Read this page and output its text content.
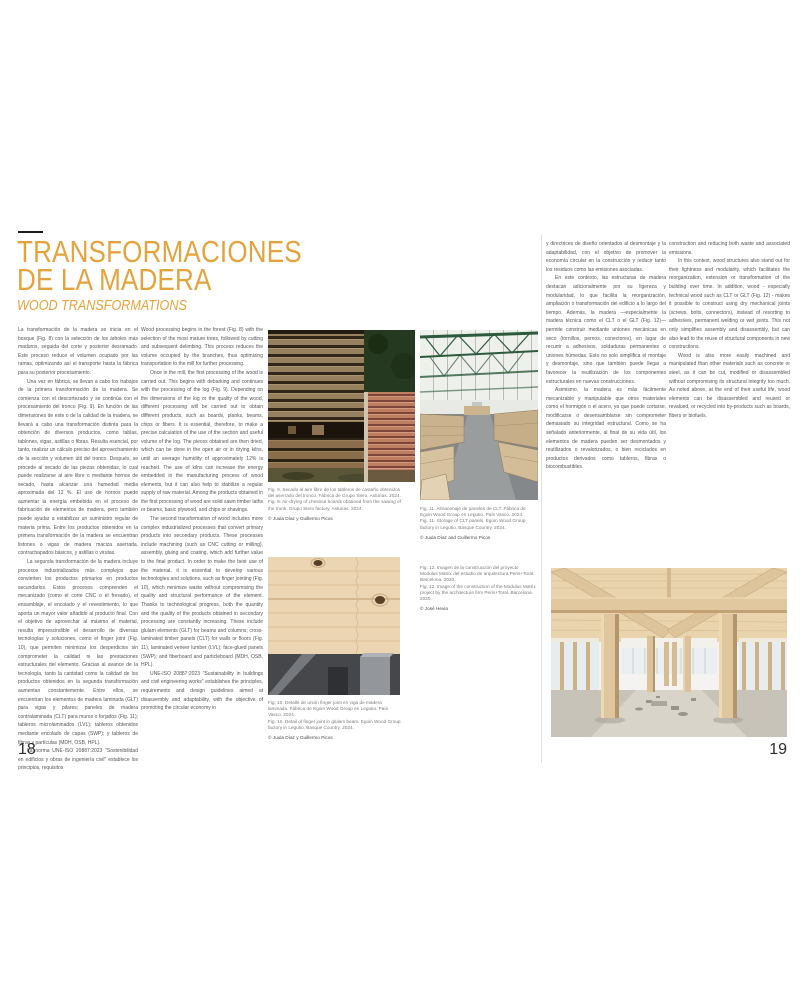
TRANSFORMACIONES
DE LA MADERA
WOOD TRANSFORMATIONS

La transformación de la madera se inicia en el bosque (Fig. 8) con la selección de los árboles más maduros, seguida del corte y posterior desramado. Este proceso reduce el volumen ocupado por las ramas, optimizando así el transporte hasta la fábrica para su posterior procesamiento.

Una vez en fábrica, se llevan a cabo los trabajos de la primera transformación de la madera. Se comienza con el descortezado y se continúa con el procesamiento del tronco (Fig. 9). En función de las dimensiones de este o de la calidad de la madera, se llevará a cabo una transformación distinta para la obtención de diversos productos, como tablas, tablones, vigas, astillas o fibras. Resulta esencial, por tanto, realizar un cálculo preciso del aprovechamiento de la sección y volumen útil del tronco. Después, se procede al secado de las piezas obtenidas, lo cual puede realizarse al aire libre o mediante hornos de secado, hasta alcanzar una humedad media aproximada del 12 %. El uso de hornos puede aumentar la energía embebida en el proceso de fabricación de elementos de madera, pero también puede ayudar a estabilizar un suministro regular de materia prima. Entre los productos obtenidos en la primera transformación de la madera se encuentran listones o vigas de madera maciza aserrada, contrachapados básicos, y astillas o virutas.

La segunda transformación de la madera incluye procesos industrializados más complejos que convierten los productos primarios en productos secundarios. Estos procesos comprenden el mecanizado (como el corte CNC o el fresado), el ensamblaje, el encolado y el revestimiento, lo que aporta un mayor valor añadido al producto final. Con el objetivo de aprovechar al máximo el material, resulta imprescindible el desarrollo de diversas tecnologías y soluciones, como el finger joint (Fig. 10), que permiten minimizar los desperdicios sin comprometer la calidad ni las prestaciones estructurales del elemento. Gracias al avance de la tecnología, tanto la cantidad como la calidad de los productos obtenidos en la segunda transformación aumentan constantemente. Entre ellos, se encuentran los elementos de madera laminada (GLT) para vigas y pilares; paneles de madera contralaminada (CLT) para muros o forjados (Fig. 11); tableros microlaminados (LVL); tableros obtenidos mediante encolado de capas (SWP); y tableros de fibras y partículas (MDH, OSB, HPL).

La norma UNE-ISO 20887:2023 "Sostenibilidad en edificios y obras de ingeniería civil" establece los principios, requisitos

Wood processing begins in the forest (Fig. 8) with the selection of the most mature trees, followed by cutting and subsequent delimbing. This process reduces the volume occupied by the branches, thus optimizing transportation to the mill for further processing.

Once in the mill, the first processing of the wood is carried out. This begins with debarking and continues with the processing of the log (Fig. 9). Depending on the dimensions of the log or the quality of the wood, different processing will be carried out to obtain different products, such as boards, planks, beams, chips or fibers. It is essential, therefore, to make a precise calculation of the use of the section and useful volume of the log. The pieces obtained are then dried, which can be done in the open air or in drying kilns, until an average humidity of approximately 12% is reached. The use of kilns can increase the energy embedded in the manufacturing process of wood elements, but it can also help to stabilize a regular supply of raw material. Among the products obtained in the first processing of wood are solid sawn timber laths or beams, basic plywood, and chips or shavings.

The second transformation of wood includes more complex industrialized processes that convert primary products into secondary products. These processes include machining (such as CNC cutting or milling), assembly, gluing and coating, which add further value to the final product. In order to make the best use of the material, it is essential to develop various technologies and solutions, such as finger jointing (Fig. 10), which minimize waste without compromising the quality and structural performance of the element. Thanks to technological progress, both the quantity and the quality of the products obtained in secondary processing are constantly increasing. These include glulam elements (GLT) for beams and columns; cross-laminated timber panels (CLT) for walls or floors (Fig. 11); laminated veneer lumber (LVL); face-glued panels (SWP); and fiberboard and particleboard (MDH, OSB, HPL).

UNE-ISO 20887:2023 "Sustainability in buildings and civil engineering works" establishes the principles, requirements and design guidelines aimed at disassembly and adaptability, with the objective of promoting the circular economy in

Fig. 9. Secado al aire libre de los tableros de castaño obtenidos del aserrado del tronco. Fábrica de Grupo Siero, Asturias. 2024.

Fig. 9. Air-drying of chestnut boards obtained from the sawing of the trunk. Grupo Siero factory, Asturias, 2024.

© Juula Díaz y Guillermo Picos

Fig. 10. Detalle de unión finger joint en viga de madera laminada. Fábrica de Egoin Wood Group en Legutio. País Vasco. 2024.

Fig. 10. Detail of finger joint in glulam beam. Egoin Wood Group factory in Legutio, Basque Country. 2024.

© Juula Díaz y Guillermo Picos

Fig. 11. Almacenaje de paneles de CLT. Fábrica de Egoin Wood Group en Legutio. País Vasco. 2024.

Fig. 11. Storage of CLT panels. Egoin Wood Group factory in Legutio, Basque Country. 2024.

© Juula Díaz and Guillermo Picos

Fig. 12. Imagen de la construcción del proyecto Modulus Matrix del estudio de arquitectura Peris+Toral. Barcelona. 2020.

Fig. 12. Image of the construction of the Modulus Matrix project by the architecture firm Peris+Toral, Barcelona. 2020.

© José Hevia

18

y directrices de diseño orientados al desmontaje y la adaptabilidad, con el objetivo de promover la economía circular en la construcción y reducir tanto los residuos como las emisiones asociadas.

En este contexto, las estructuras de madera destacan adicionalmente por su ligereza y modularidad, lo que facilita la reorganización, ampliación o transformación del edificio a lo largo del tiempo. Además, la madera —especialmente la madera técnica como el CLT o el GLT (Fig. 12)— permite construir mediante uniones mecánicas en seco (tornillos, pernos, conectores), en lugar de recurrir a adhesivos, soldaduras permanentes o uniones húmedas. Esto no solo simplifica el montaje y desmontaje, sino que también puede llegar a favorecer la reutilización de los componentes estructurales en nuevas construcciones.

Asimismo, la madera es más fácilmente mecanizable y manipulable que otros materiales como el hormigón o el acero, ya que puede cortarse, modificarse o desensamblarse sin comprometer demasiado su integridad estructural. Como se ha señalado anteriormente, al final de su vida útil, los elementos de madera pueden ser desmontados y reutilizados o revalorizados, o bien reciclados en productos derivados como tableros, fibras o biocombustibles.

construction and reducing both waste and associated emissions.

In this context, wood structures also stand out for their lightness and modularity, which facilitates the reorganization, extension or transformation of the building over time. In addition, wood - especially technical wood such as CLT or GLT (Fig. 12) - makes it possible to construct using dry mechanical joints (screws, bolts, connectors), instead of resorting to adhesives, permanent welding or wet joints. This not only simplifies assembly and disassembly, but can also lead to the reuse of structural components in new constructions.

Wood is also more easily machined and manipulated than other materials such as concrete or steel, as it can be cut, modified or disassembled without compromising its structural integrity too much. As noted above, at the end of their useful life, wood elements can be disassembled and reused or revalued, or recycled into by-products such as boards, fibers or biofuels.

19
